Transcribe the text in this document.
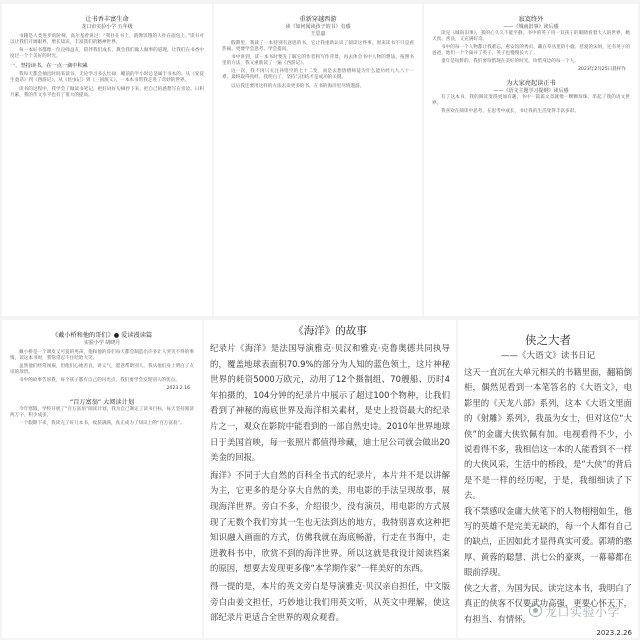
让书香丰富生命
龙口市实验小学 五年级

书籍是人类进步的阶梯，高尔基曾说过：“我扑在书上，就像饥饿的人扑在面包上。”读书可以让我们开阔眼界，增长知识，丰富我们的精神世界。

每一本好书都像一位良师益友，陪伴我们成长，教会我们做人做事的道理，让我们在书香中度过一个个美好的时光。

一、坚持读书，在一点一滴中积累

我每天都会抽出时间来读书，无论学习多么忙碌，睡前的半小时总是属于书本的。从《安徒生童话》到《西游记》，从《昆虫记》到《三国演义》，一本本书带我走进了奇妙的世界。

读书的过程中，我学会了做读书笔记，把好词好句摘抄下来，把自己的感想写在旁边。日积月累，我的作文水平也有了很大的提高。

重新穿越西游
读《如何阅读孩子的书》有感
王思嘉

假期里，我读了一本特别有意思的书，它让我重新认识了阅读这件事。原来读书不只是看热闹，更要学会思考，学会提问。

书中讲到，读一本书时要先了解它的作者和写作背景，再去体会书中人物的想法。按照书里的方法，我又重新读了一遍《西游记》。

这一次，我不再只关注孙悟空的七十二变，而是去想唐僧师徒为什么能历经九九八十一难，最终取得真经。我明白了，坚持与团结才是成功的关键。

以后我还要用这样的方法去读更多的书，在书的海洋里尽情遨游。

寂寞终外
——《城南旧事》读后感

读完《城南旧事》，我的心久久不能平静。书中的英子用一双孩子的眼睛看着大人的世界，她天真、善良，又充满好奇。

书中的每一个人物都让我难忘，惠安馆的秀贞、藏在草丛里的小偷、慈爱的宋妈，还有英子的爸爸。他们一个个离开了英子，英子也慢慢长大了。

童年是短暂的，我们要珍惜现在美好的时光，珍惜身边的每一个人。

2023年2月25日晨样作
为大家亮起读正书
——《语文主题学习提纲》读后感

有了这本书，我的阅读变得更加有趣，书中一篇篇文章就像一颗颗珍珠，串起了我的语文世界。

我喜欢在阅读中思考，在思考中成长，书让我的生活变得丰富多彩。

《戴小桥和他的哥们》● 爱读漫读篇
实验小学 胡晓月

戴小桥是一个调皮又可爱的男孩，他和他的哥们每天都会制造出许多让人哭笑不得的事情。读这本书时，我常常忍不住哈哈大笑。

虽然他们经常闯祸，但他们心地善良，讲义气，愿意帮助别人。我从他们身上明白了友谊的珍贵。

书中的故事告诉我，每个孩子都有自己的闪光点，我们要学会发现别人的优点。

2023.2.16
“百万富翁” 大阅读计划

今年寒假，学校开展了“百万富翁”阅读计划，我为自己制定了读书目标，每天坚持阅读两万字，积少成多。

一个假期下来，我读完了好几本书，收获满满，真正成为了知识上的“百万富翁”。

《海洋》的故事

纪录片《海洋》是法国导演雅克·贝汉和雅克·克鲁奥德共同执导的，覆盖地球表面积70.9%的部分为人知的蓝色领土，这片神秘世界的耗资5000万欧元，动用了12个摄制组、70艘船、历时4年拍摄的，104分钟的纪录片中展示了超过100个物种，让我们看到了神秘的海底世界及海洋相关素材，是史上投资最大的纪录片之一，观众在影院中能看到的一部自然史诗。2010年世界地球日于美国首映，每一张照片都值得珍藏，迪士尼公司就会做出20美金的回报。

海洋》不同于大自然的百科全书式的纪录片，本片并不是以讲解为主，它更多的是分享大自然的美，用电影的手法呈现故事，展现海洋世界。旁白不多，介绍很少，没有演员，用电影的方式展现了无数个我们穷其一生也无法到达的地方，我特别喜欢这种把知识融入画面的方式，仿佛我就在海底畅游，行走在书海中，走进教科书中，欣赏不到的海洋世界。所以这就是我设计阅读档案的原因，想要去发现更多像“本学期作家”一样美好的东西。

得一提的是，本片的英文旁白是导演雅克·贝汉亲自担任，中文版旁白由姜文担任，巧妙地让我们用英文听，从英文中理解，使这部纪录片更适合全世界的观众观看。

侠之大者
——《大语文》读书日记

这天一直沉在大单元相关的书籍里面，翻箱倒柜，偶然见看到一本笔答名的《大语文》，电影里的《天龙八部》系列，这本《大语文里面的《射雕》系列》，我虽为女士，但对这位“大侠”的金庸大侠钦佩有加。电视看得不少，小说看得不多，我相信这一本的人能看到不一样的大侠风采，生活中的桥段，是“大侠”的背后是不是一样的经历呢，于是，我细细读了下去。

我不禁感叹金庸大侠笔下的人物栩栩如生，他写的英雄不是完美无缺的，每一个人都有自己的缺点，正因如此才显得真实可爱。郭靖的憨厚、黄蓉的聪慧、洪七公的豪爽，一幕幕都在眼前浮现。

侠之大者，为国为民。读完这本书，我明白了真正的侠客不仅要武功高强，更要心怀天下，有担当、有情怀。

2023.2.26
龙口实验小学
